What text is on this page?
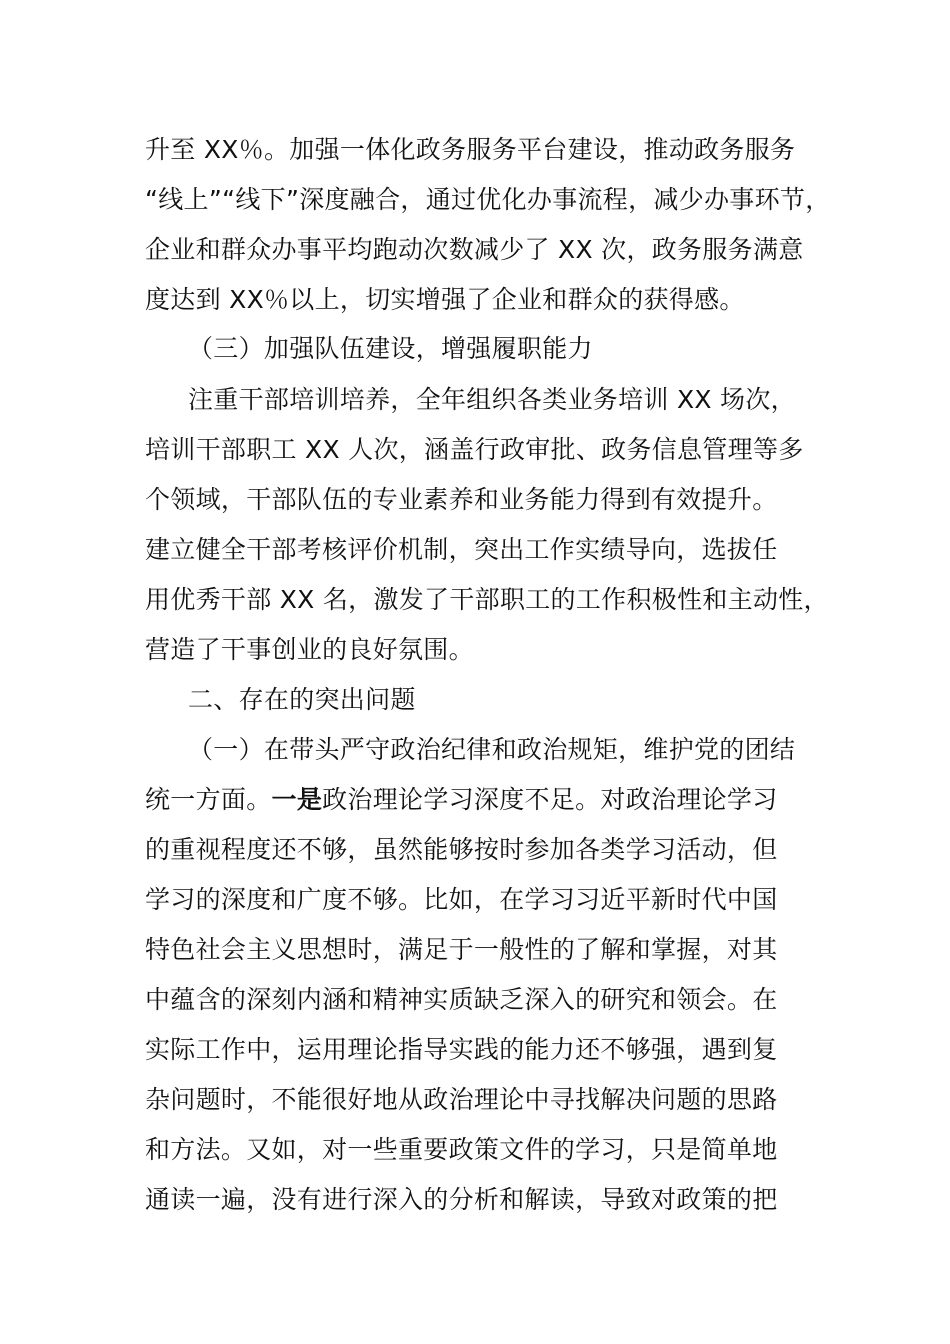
升至 XX％。加强一体化政务服务平台建设，推动政务服务
“线上”“线下”深度融合，通过优化办事流程，减少办事环节，
企业和群众办事平均跑动次数减少了 XX 次，政务服务满意
度达到 XX％以上，切实增强了企业和群众的获得感。
（三）加强队伍建设，增强履职能力
注重干部培训培养，全年组织各类业务培训 XX 场次，
培训干部职工 XX 人次，涵盖行政审批、政务信息管理等多
个领域，干部队伍的专业素养和业务能力得到有效提升。
建立健全干部考核评价机制，突出工作实绩导向，选拔任
用优秀干部 XX 名，激发了干部职工的工作积极性和主动性，
营造了干事创业的良好氛围。
二、存在的突出问题
（一）在带头严守政治纪律和政治规矩，维护党的团结
统一方面。一是政治理论学习深度不足。对政治理论学习
的重视程度还不够，虽然能够按时参加各类学习活动，但
学习的深度和广度不够。比如，在学习习近平新时代中国
特色社会主义思想时，满足于一般性的了解和掌握，对其
中蕴含的深刻内涵和精神实质缺乏深入的研究和领会。在
实际工作中，运用理论指导实践的能力还不够强，遇到复
杂问题时，不能很好地从政治理论中寻找解决问题的思路
和方法。又如，对一些重要政策文件的学习，只是简单地
通读一遍，没有进行深入的分析和解读，导致对政策的把
